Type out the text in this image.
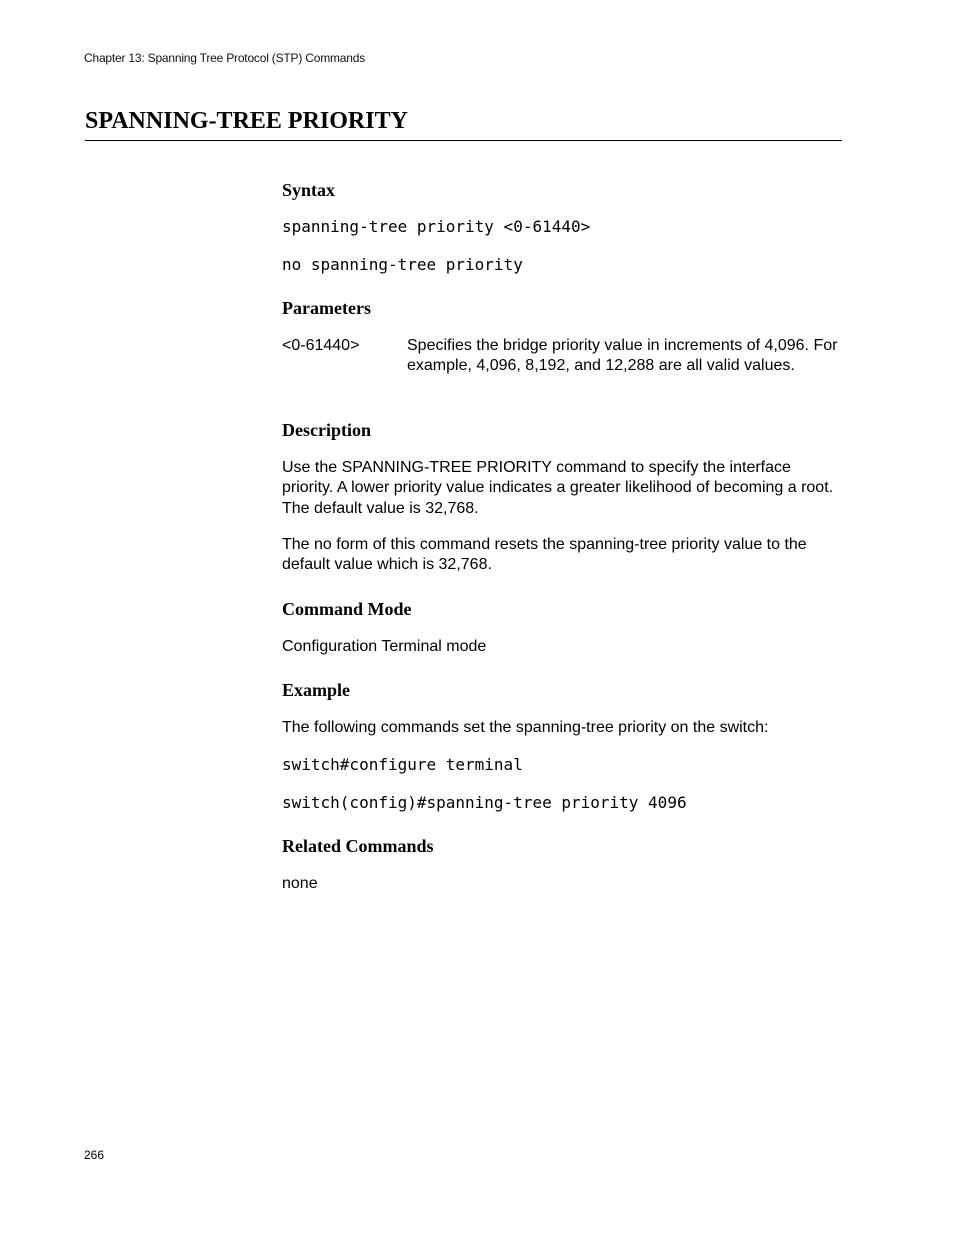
Chapter 13: Spanning Tree Protocol (STP) Commands
SPANNING-TREE PRIORITY
Syntax
spanning-tree priority <0-61440>
no spanning-tree priority
Parameters
<0-61440>	Specifies the bridge priority value in increments of 4,096. For example, 4,096, 8,192, and 12,288 are all valid values.
Description
Use the SPANNING-TREE PRIORITY command to specify the interface priority. A lower priority value indicates a greater likelihood of becoming a root. The default value is 32,768.
The no form of this command resets the spanning-tree priority value to the default value which is 32,768.
Command Mode
Configuration Terminal mode
Example
The following commands set the spanning-tree priority on the switch:
switch#configure terminal
switch(config)#spanning-tree priority 4096
Related Commands
none
266
